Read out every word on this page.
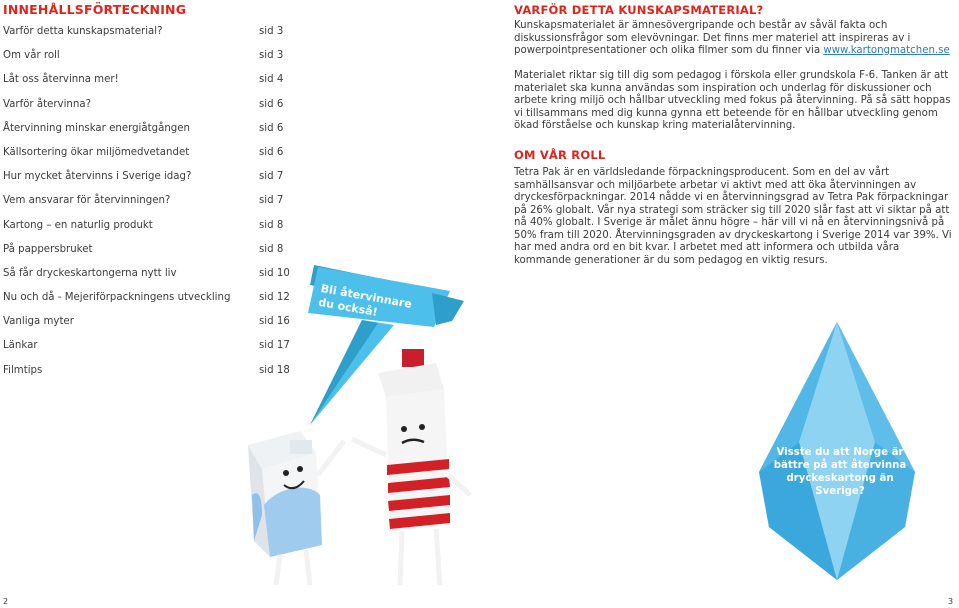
INNEHÅLLSFÖRTECKNING
Varför detta kunskapsmaterial?	sid 3
Om vår roll	sid 3
Låt oss återvinna mer!	sid 4
Varför återvinna?	sid 6
Återvinning minskar energiåtgången	sid 6
Källsortering ökar miljömedvetandet	sid 6
Hur mycket återvinns i Sverige idag?	sid 7
Vem ansvarar för återvinningen?	sid 7
Kartong – en naturlig produkt	sid 8
På pappersbruket	sid 8
Så får dryckeskartongerna nytt liv	sid 10
Nu och då - Mejeriförpackningens utveckling	sid 12
Vanliga myter	sid 16
Länkar	sid 17
Filmtips	sid 18
Bli återvinnare du också!
VARFÖR DETTA KUNSKAPSMATERIAL?

Kunskapsmaterialet är ämnesövergripande och består av såväl fakta och diskussionsfrågor som elevövningar. Det finns mer materiel att inspireras av i powerpointpresentationer och olika filmer som du finner via www.kartongmatchen.se

Materialet riktar sig till dig som pedagog i förskola eller grundskola F-6. Tanken är att materialet ska kunna användas som inspiration och underlag för diskussioner och arbete kring miljö och hållbar utveckling med fokus på återvinning. På så sätt hoppas vi tillsammans med dig kunna gynna ett beteende för en hållbar utveckling genom ökad förståelse och kunskap kring materialåtervinning.

OM VÅR ROLL

Tetra Pak är en världsledande förpackningsproducent. Som en del av vårt samhällsansvar och miljöarbete arbetar vi aktivt med att öka återvinningen av dryckesförpackningar. 2014 nådde vi en återvinningsgrad av Tetra Pak förpackningar på 26% globalt. Vår nya strategi som sträcker sig till 2020 slår fast att vi siktar på att nå 40% globalt. I Sverige är målet ännu högre – här vill vi nå en återvinningsnivå på 50% fram till 2020. Återvinningsgraden av dryckeskartong i Sverige 2014 var 39%. Vi har med andra ord en bit kvar. I arbetet med att informera och utbilda våra kommande generationer är du som pedagog en viktig resurs.

Visste du att Norge är bättre på att återvinna dryckeskartong än Sverige?
2	3
